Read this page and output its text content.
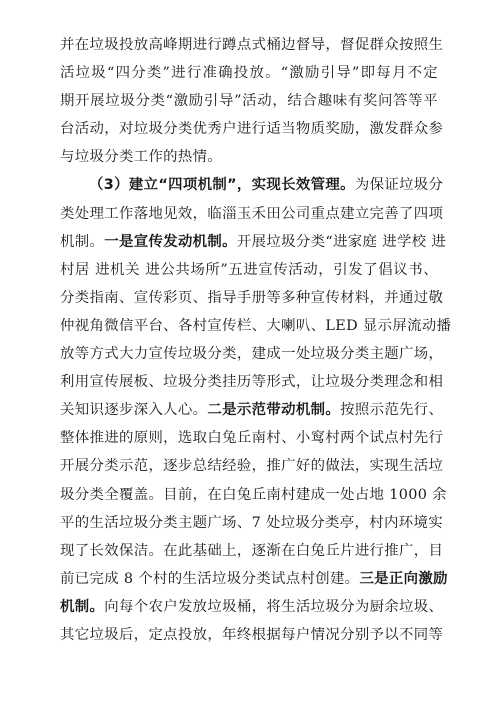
并在垃圾投放高峰期进行蹲点式桶边督导，督促群众按照生
活垃圾“四分类”进行准确投放。“激励引导”即每月不定
期开展垃圾分类“激励引导”活动，结合趣味有奖问答等平
台活动，对垃圾分类优秀户进行适当物质奖励，激发群众参
与垃圾分类工作的热情。
（3）建立“四项机制”，实现长效管理。为保证垃圾分
类处理工作落地见效，临淄玉禾田公司重点建立完善了四项
机制。一是宣传发动机制。开展垃圾分类“进家庭 进学校 进
村居 进机关 进公共场所”五进宣传活动，引发了倡议书、
分类指南、宣传彩页、指导手册等多种宣传材料，并通过敬
仲视角微信平台、各村宣传栏、大喇叭、LED 显示屏流动播
放等方式大力宣传垃圾分类，建成一处垃圾分类主题广场，
利用宣传展板、垃圾分类挂历等形式，让垃圾分类理念和相
关知识逐步深入人心。二是示范带动机制。按照示范先行、
整体推进的原则，选取白兔丘南村、小窎村两个试点村先行
开展分类示范，逐步总结经验，推广好的做法，实现生活垃
圾分类全覆盖。目前，在白兔丘南村建成一处占地 1000 余
平的生活垃圾分类主题广场、7 处垃圾分类亭，村内环境实
现了长效保洁。在此基础上，逐渐在白兔丘片进行推广，目
前已完成 8 个村的生活垃圾分类试点村创建。三是正向激励
机制。向每个农户发放垃圾桶，将生活垃圾分为厨余垃圾、
其它垃圾后，定点投放，年终根据每户情况分别予以不同等
